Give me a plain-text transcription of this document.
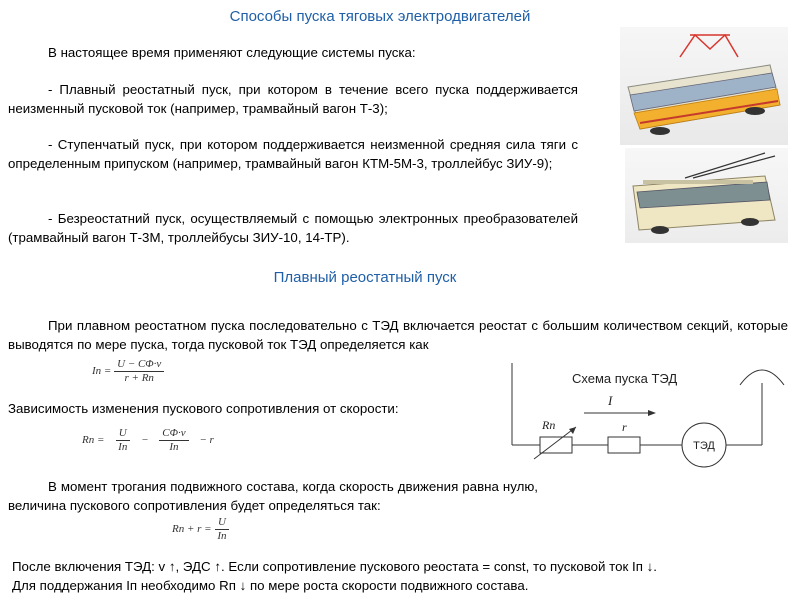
Способы пуска тяговых электродвигателей
В настоящее время применяют следующие системы пуска:
- Плавный реостатный пуск, при котором в течение всего пуска поддерживается неизменный пусковой ток (например, трамвайный вагон Т-3);
- Ступенчатый пуск, при котором поддерживается неизменной средняя сила тяги с определенным припуском (например, трамвайный вагон КТМ-5М-3, троллейбус ЗИУ-9);
- Безреостатний пуск, осуществляемый с помощью электронных преобразователей (трамвайный вагон Т-3М, троллейбусы ЗИУ-10, 14-ТР).
Плавный реостатный пуск
При плавном реостатном пуска последовательно с ТЭД включается реостат с большим количеством секций, которые выводятся по мере пуска, тогда пусковой ток ТЭД определяется как
Iп = $\frac{U - C\Phi\cdot v}{r + Rп}$
Зависимость изменения пускового сопротивления от скорости:
Rп = $\frac{U}{Iп} - \frac{C\Phi\cdot v}{Iп} - r$
В момент трогания подвижного состава, когда скорость движения равна нулю, величина пускового сопротивления будет определяться так:
Rп + $r = \frac{U}{Iп}$
Схема пуска ТЭД
I
Rп	r
ТЭД
После включения ТЭД: v ↑, ЭДС ↑. Если сопротивление пускового реостата = const, то пусковой ток Iп ↓.
Для поддержания Iп необходимо Rп ↓ по мере роста скорости подвижного состава.
